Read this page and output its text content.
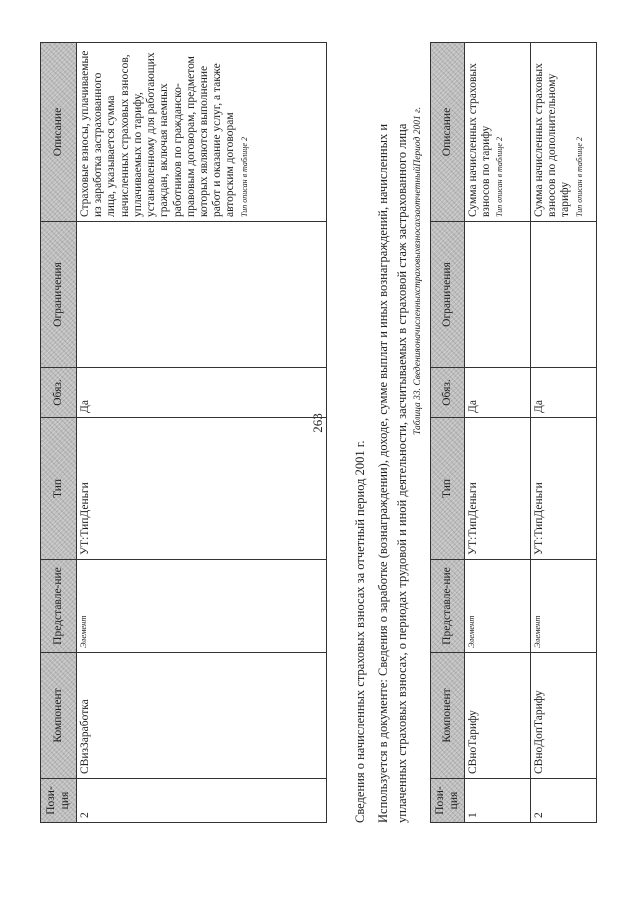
263
Пози-ция	Компонент	Представле-ние	Тип	Обяз.	Ограничения	Описание
2	СВизЗаработка	Элемент	УТ:ТипДеньги	Да		Страховые взносы, уплачиваемые из заработка застрахованного лица, указывается сумма начисленных страховых взносов, уплачиваемых по тарифу, установленному для работающих граждан, включая наемных работников по гражданско-правовым договорам, предметом которых являются выполнение работ и оказание услуг, а также авторским договорам Тип описан в таблице 2
Сведения о начисленных страховых взносах за отчетный период 2001 г. Используется в документе: Сведения о заработке (вознаграждении), доходе, сумме выплат и иных вознаграждений, начисленных и уплаченных страховых взносах, о периодах трудовой и иной деятельности, засчитываемых в страховой стаж застрахованного лица Таблица 33. СведенияоначисленныхстраховыхвзносахзаотчетныйПериод 2001 г.
Пози-ция	Компонент	Представле-ние	Тип	Обяз.	Ограничения	Описание
1	СВноТарифу	Элемент	УТ:ТипДеньги	Да		Сумма начисленных страховых взносов по тарифу Тип описан в таблице 2
2	СВноДопТарифу	Элемент	УТ:ТипДеньги	Да		Сумма начисленных страховых взносов по дополнительному тарифу Тип описан в таблице 2
